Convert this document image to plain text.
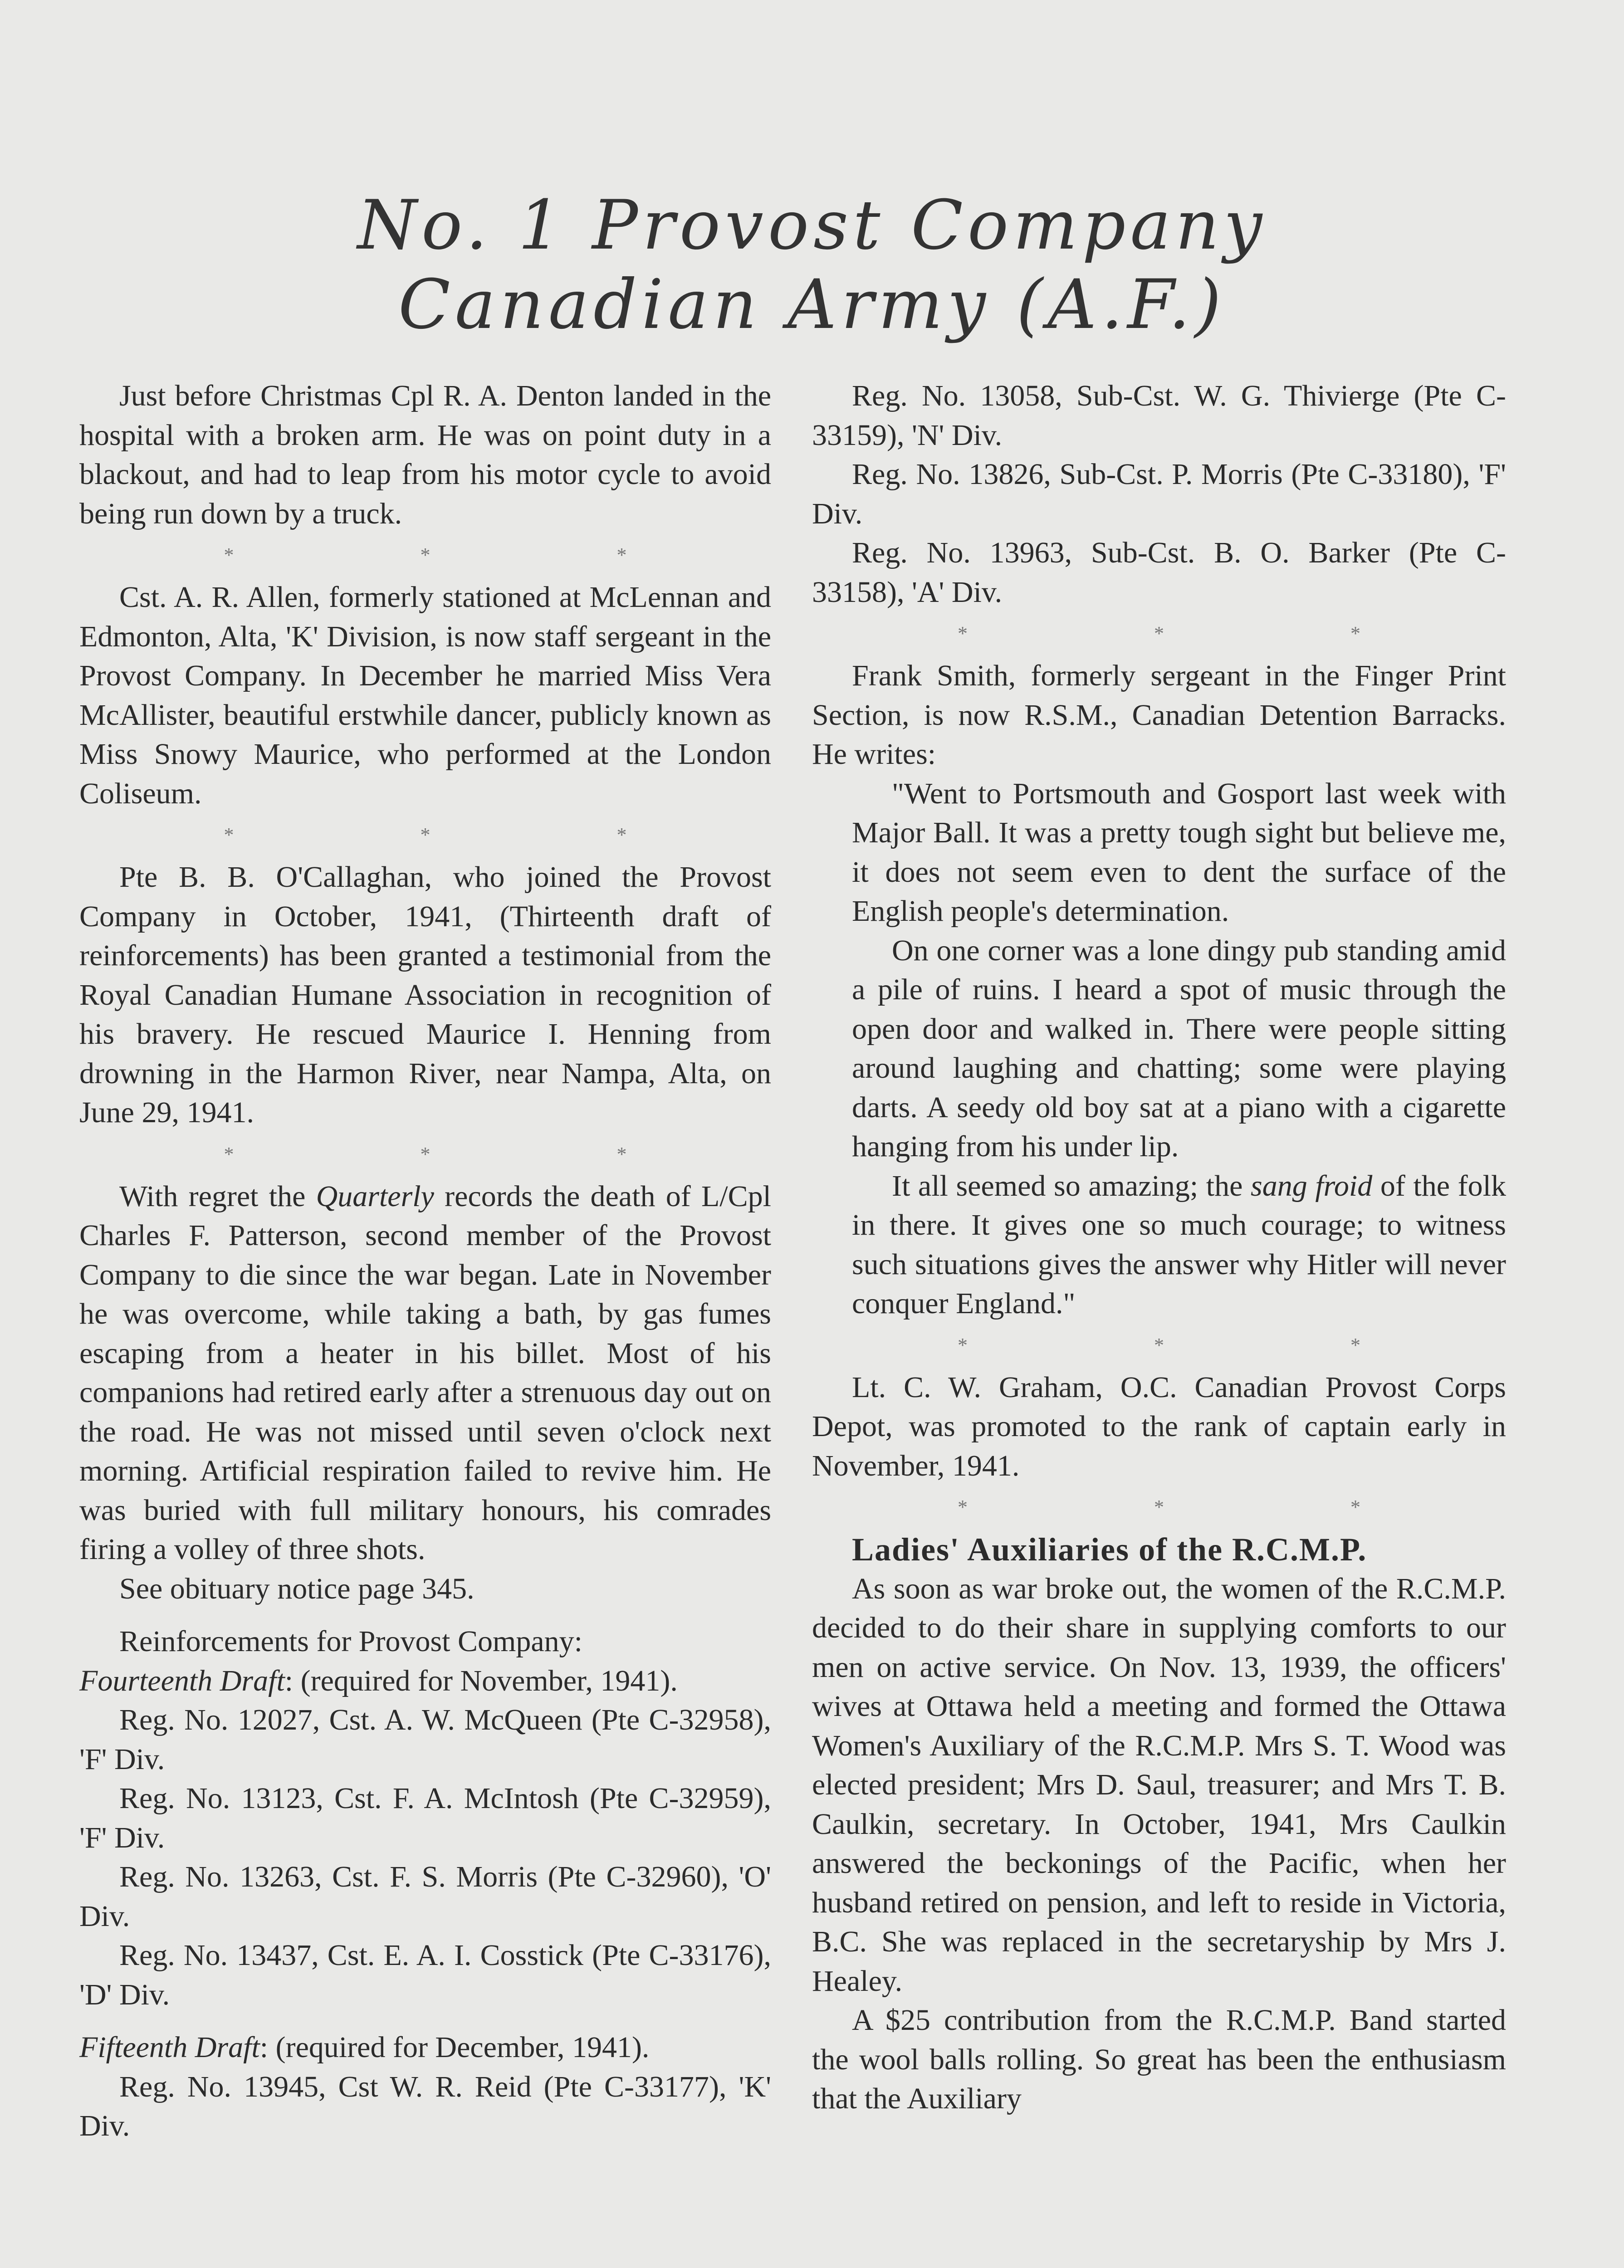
No. 1 Provost Company
Canadian Army (A.F.)

Just before Christmas Cpl R. A. Denton landed in the hospital with a broken arm. He was on point duty in a blackout, and had to leap from his motor cycle to avoid being run down by a truck.

* * *

Cst. A. R. Allen, formerly stationed at McLennan and Edmonton, Alta, 'K' Division, is now staff sergeant in the Provost Company. In December he married Miss Vera McAllister, beautiful erstwhile dancer, publicly known as Miss Snowy Maurice, who performed at the London Coliseum.

* * *

Pte B. B. O'Callaghan, who joined the Provost Company in October, 1941, (Thirteenth draft of reinforcements) has been granted a testimonial from the Royal Canadian Humane Association in recognition of his bravery. He rescued Maurice I. Henning from drowning in the Harmon River, near Nampa, Alta, on June 29, 1941.

* * *

With regret the Quarterly records the death of L/Cpl Charles F. Patterson, second member of the Provost Company to die since the war began. Late in November he was overcome, while taking a bath, by gas fumes escaping from a heater in his billet. Most of his companions had retired early after a strenuous day out on the road. He was not missed until seven o'clock next morning. Artificial respiration failed to revive him. He was buried with full military honours, his comrades firing a volley of three shots.

See obituary notice page 345.

Reinforcements for Provost Company:

Fourteenth Draft: (required for November, 1941).

Reg. No. 12027, Cst. A. W. McQueen (Pte C-32958), 'F' Div.

Reg. No. 13123, Cst. F. A. McIntosh (Pte C-32959), 'F' Div.

Reg. No. 13263, Cst. F. S. Morris (Pte C-32960), 'O' Div.

Reg. No. 13437, Cst. E. A. I. Cosstick (Pte C-33176), 'D' Div.

Fifteenth Draft: (required for December, 1941).

Reg. No. 13945, Cst W. R. Reid (Pte C-33177), 'K' Div.

Reg. No. 13058, Sub-Cst. W. G. Thivierge (Pte C-33159), 'N' Div.

Reg. No. 13826, Sub-Cst. P. Morris (Pte C-33180), 'F' Div.

Reg. No. 13963, Sub-Cst. B. O. Barker (Pte C-33158), 'A' Div.

* * *

Frank Smith, formerly sergeant in the Finger Print Section, is now R.S.M., Canadian Detention Barracks. He writes:

"Went to Portsmouth and Gosport last week with Major Ball. It was a pretty tough sight but believe me, it does not seem even to dent the surface of the English people's determination.

On one corner was a lone dingy pub standing amid a pile of ruins. I heard a spot of music through the open door and walked in. There were people sitting around laughing and chatting; some were playing darts. A seedy old boy sat at a piano with a cigarette hanging from his under lip.

It all seemed so amazing; the sang froid of the folk in there. It gives one so much courage; to witness such situations gives the answer why Hitler will never conquer England."

* * *

Lt. C. W. Graham, O.C. Canadian Provost Corps Depot, was promoted to the rank of captain early in November, 1941.

* * *

Ladies' Auxiliaries of the R.C.M.P.

As soon as war broke out, the women of the R.C.M.P. decided to do their share in supplying comforts to our men on active service. On Nov. 13, 1939, the officers' wives at Ottawa held a meeting and formed the Ottawa Women's Auxiliary of the R.C.M.P. Mrs S. T. Wood was elected president; Mrs D. Saul, treasurer; and Mrs T. B. Caulkin, secretary. In October, 1941, Mrs Caulkin answered the beckonings of the Pacific, when her husband retired on pension, and left to reside in Victoria, B.C. She was replaced in the secretaryship by Mrs J. Healey.

A $25 contribution from the R.C.M.P. Band started the wool balls rolling. So great has been the enthusiasm that the Auxiliary
